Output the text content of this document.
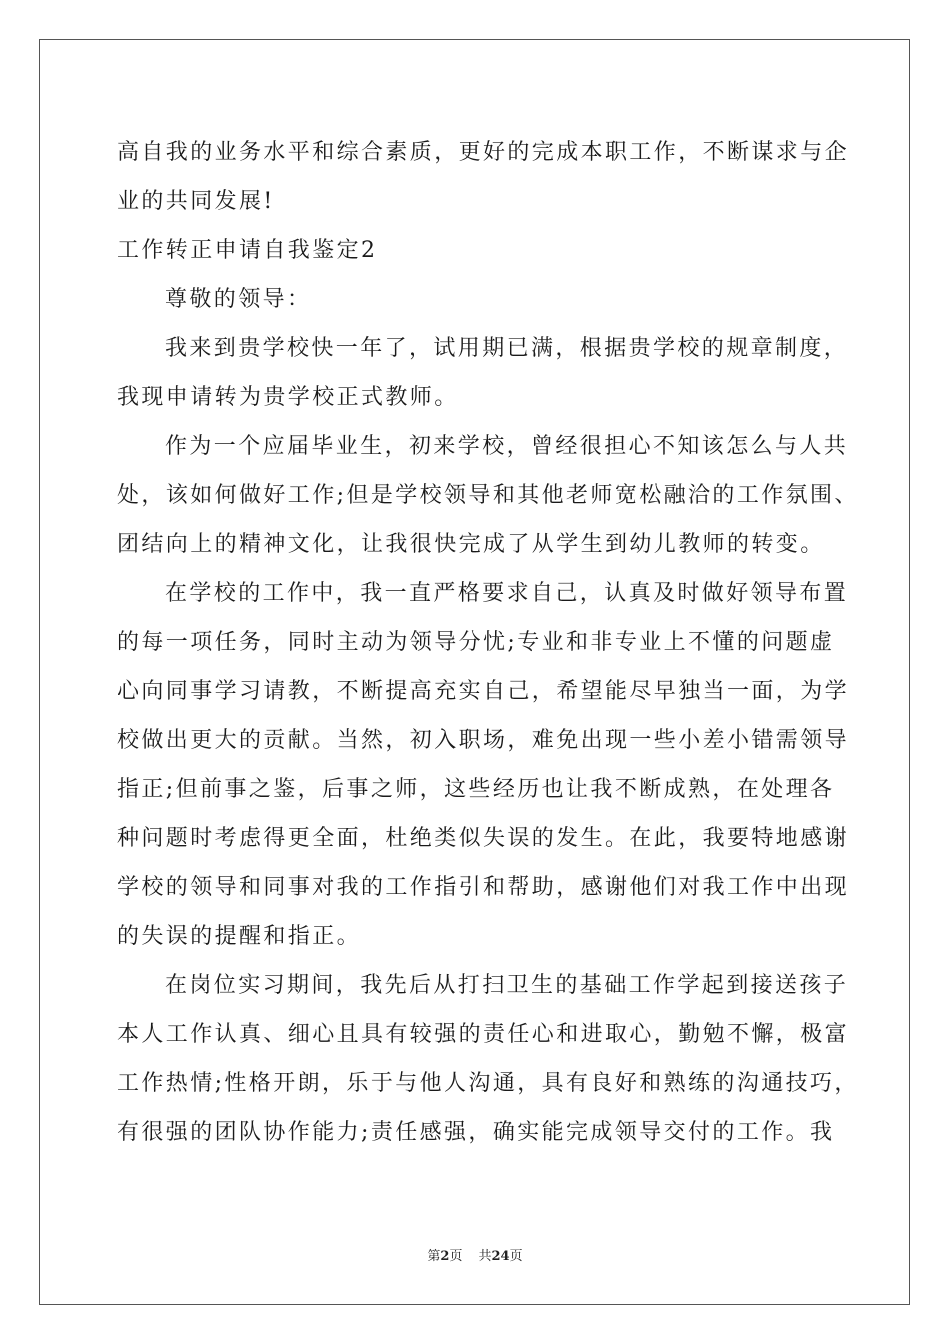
高自我的业务水平和综合素质，更好的完成本职工作，不断谋求与企
业的共同发展!
工作转正申请自我鉴定2
尊敬的领导：
我来到贵学校快一年了，试用期已满，根据贵学校的规章制度，
我现申请转为贵学校正式教师。
作为一个应届毕业生，初来学校，曾经很担心不知该怎么与人共
处，该如何做好工作;但是学校领导和其他老师宽松融洽的工作氛围、
团结向上的精神文化，让我很快完成了从学生到幼儿教师的转变。
在学校的工作中，我一直严格要求自己，认真及时做好领导布置
的每一项任务，同时主动为领导分忧;专业和非专业上不懂的问题虚
心向同事学习请教，不断提高充实自己，希望能尽早独当一面，为学
校做出更大的贡献。当然，初入职场，难免出现一些小差小错需领导
指正;但前事之鉴，后事之师，这些经历也让我不断成熟，在处理各
种问题时考虑得更全面，杜绝类似失误的发生。在此，我要特地感谢
学校的领导和同事对我的工作指引和帮助，感谢他们对我工作中出现
的失误的提醒和指正。
在岗位实习期间，我先后从打扫卫生的基础工作学起到接送孩子
本人工作认真、细心且具有较强的责任心和进取心，勤勉不懈，极富
工作热情;性格开朗，乐于与他人沟通，具有良好和熟练的沟通技巧，
有很强的团队协作能力;责任感强，确实能完成领导交付的工作。我
第2页 共24页
